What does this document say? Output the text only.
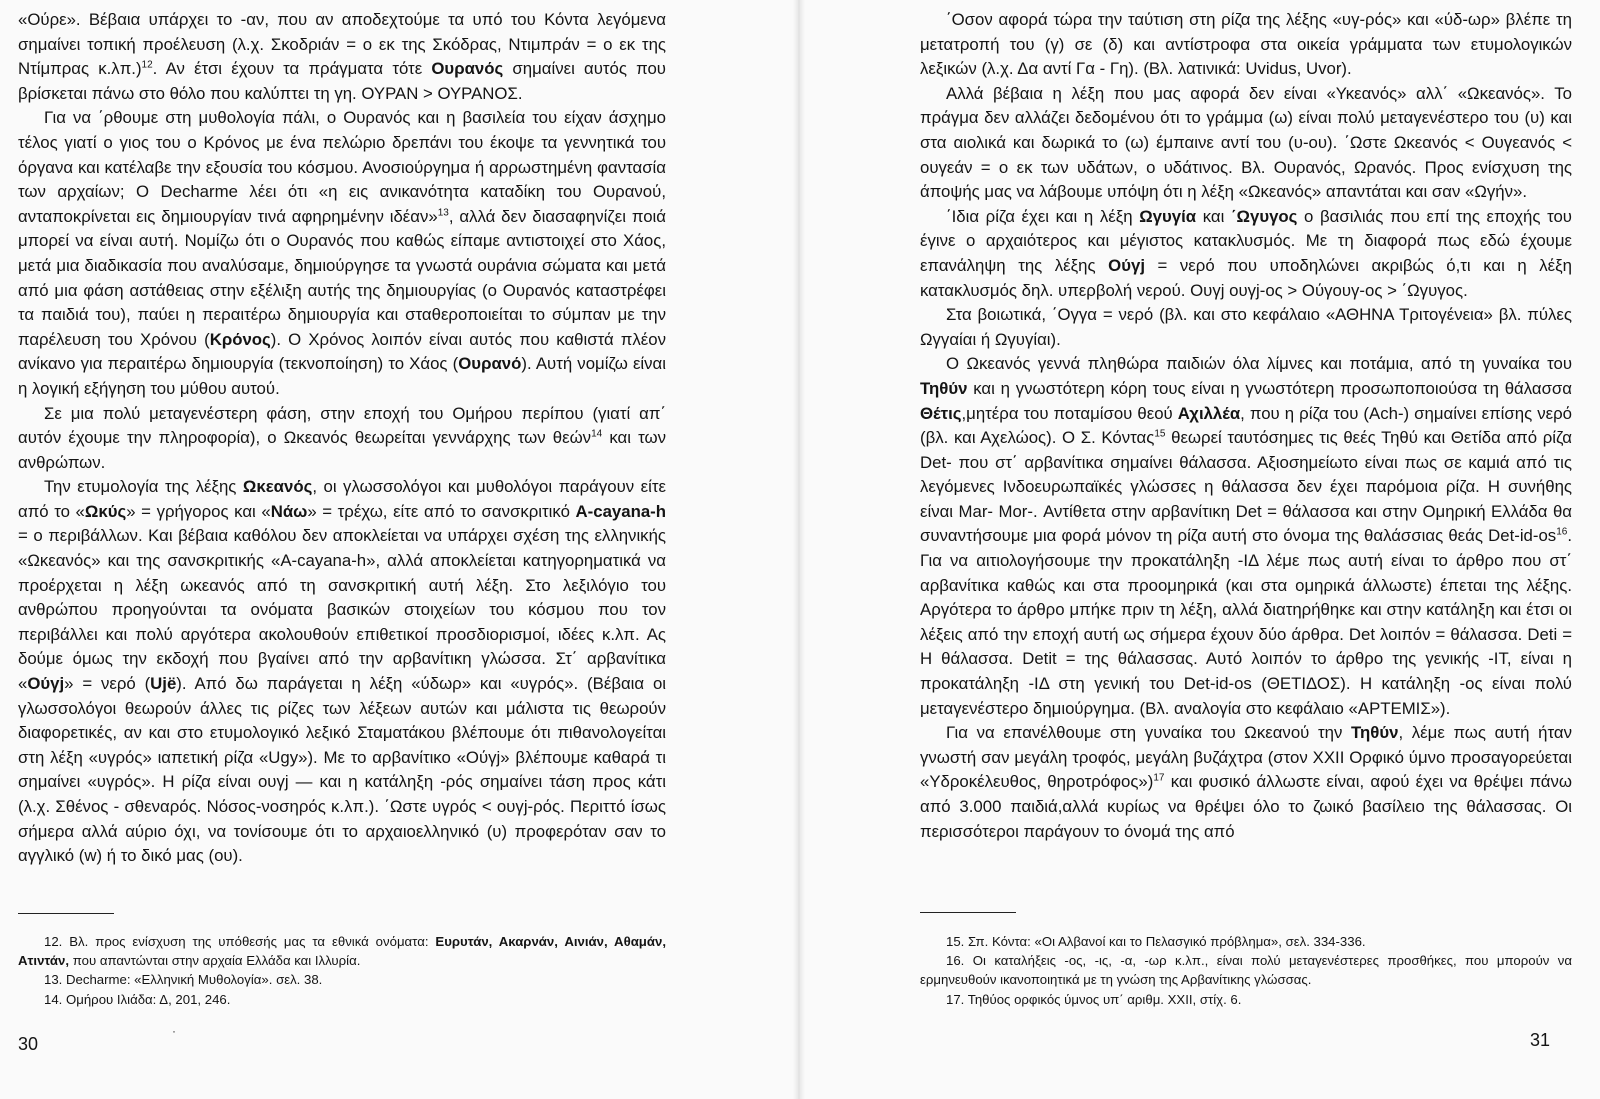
«Ούρε». Βέβαια υπάρχει το -αν, που αν αποδεχτούμε τα υπό του Κόντα λεγόμενα σημαίνει τοπική προέλευση (λ.χ. Σκοδριάν = ο εκ της Σκόδρας, Ντιμπράν = ο εκ της Ντίμπρας κ.λπ.)$^{12}$. Αν έτσι έχουν τα πράγματα τότε Ουρανός σημαίνει αυτός που βρίσκεται πάνω στο θόλο που καλύπτει τη γη. ΟΥΡΑΝ > ΟΥΡΑΝΟΣ.

Για να ΄ρθουμε στη μυθολογία πάλι, ο Ουρανός και η βασιλεία του είχαν άσχημο τέλος γιατί ο γιος του ο Κρόνος με ένα πελώριο δρεπάνι του έκοψε τα γεννητικά του όργανα και κατέλαβε την εξουσία του κόσμου. Ανοσιούργημα ή αρρωστημένη φαντασία των αρχαίων; Ο Decharme λέει ότι «η εις ανικανότητα καταδίκη του Ουρανού, ανταποκρίνεται εις δημιουργίαν τινά αφηρημένην ιδέαν»$^{13}$, αλλά δεν διασαφηνίζει ποιά μπορεί να είναι αυτή. Νομίζω ότι ο Ουρανός που καθώς είπαμε αντιστοιχεί στο Χάος, μετά μια διαδικασία που αναλύσαμε, δημιούργησε τα γνωστά ουράνια σώματα και μετά από μια φάση αστάθειας στην εξέλιξη αυτής της δημιουργίας (ο Ουρανός καταστρέφει τα παιδιά του), παύει η περαιτέρω δημιουργία και σταθεροποιείται το σύμπαν με την παρέλευση του Χρόνου (Κρόνος). Ο Χρόνος λοιπόν είναι αυτός που καθιστά πλέον ανίκανο για περαιτέρω δημιουργία (τεκνοποίηση) το Χάος (Ουρανό). Αυτή νομίζω είναι η λογική εξήγηση του μύθου αυτού.

Σε μια πολύ μεταγενέστερη φάση, στην εποχή του Ομήρου περίπου (γιατί απ΄ αυτόν έχουμε την πληροφορία), ο Ωκεανός θεωρείται γεννάρχης των θεών$^{14}$ και των ανθρώπων.

Την ετυμολογία της λέξης Ωκεανός, οι γλωσσολόγοι και μυθολόγοι παράγουν είτε από το «Ωκύς» = γρήγορος και «Νάω» = τρέχω, είτε από το σανσκριτικό A-cayana-h = ο περιβάλλων. Και βέβαια καθόλου δεν αποκλείεται να υπάρχει σχέση της ελληνικής «Ωκεανός» και της σανσκριτικής «A-cayana-h», αλλά αποκλείεται κατηγορηματικά να προέρχεται η λέξη ωκεανός από τη σανσκριτική αυτή λέξη. Στο λεξιλόγιο του ανθρώπου προηγούνται τα ονόματα βασικών στοιχείων του κόσμου που τον περιβάλλει και πολύ αργότερα ακολουθούν επιθετικοί προσδιορισμοί, ιδέες κ.λπ. Ας δούμε όμως την εκδοχή που βγαίνει από την αρβανίτικη γλώσσα. Στ΄ αρβανίτικα «Ούγj» = νερό (Ujë). Από δω παράγεται η λέξη «ύδωρ» και «υγρός». (Βέβαια οι γλωσσολόγοι θεωρούν άλλες τις ρίζες των λέξεων αυτών και μάλιστα τις θεωρούν διαφορετικές, αν και στο ετυμολογικό λεξικό Σταματάκου βλέπουμε ότι πιθανολογείται στη λέξη «υγρός» ιαπετική ρίζα «Ugy»). Με το αρβανίτικο «Ούγj» βλέπουμε καθαρά τι σημαίνει «υγρός». Η ρίζα είναι ουγj — και η κατάληξη -ρός σημαίνει τάση προς κάτι (λ.χ. Σθένος - σθεναρός. Νόσος-νοσηρός κ.λπ.). ΄Ωστε υγρός < ουγj-ρός. Περιττό ίσως σήμερα αλλά αύριο όχι, να τονίσουμε ότι το αρχαιοελληνικό (υ) προφερόταν σαν το αγγλικό (w) ή το δικό μας (ου).

12. Βλ. προς ενίσχυση της υπόθεσής μας τα εθνικά ονόματα: Ευρυτάν, Ακαρνάν, Αινιάν, Αθαμάν, Ατιντάν, που απαντώνται στην αρχαία Ελλάδα και Ιλλυρία.

13. Decharme: «Ελληνική Μυθολογία». σελ. 38.

14. Ομήρου Ιλιάδα: Δ, 201, 246.

·
30

΄Οσον αφορά τώρα την ταύτιση στη ρίζα της λέξης «υγ-ρός» και «ύδ-ωρ» βλέπε τη μετατροπή του (γ) σε (δ) και αντίστροφα στα οικεία γράμματα των ετυμολογικών λεξικών (λ.χ. Δα αντί Γα - Γη). (Βλ. λατινικά: Uvidus, Uvor).

Αλλά βέβαια η λέξη που μας αφορά δεν είναι «Υκεανός» αλλ΄ «Ωκεανός». Το πράγμα δεν αλλάζει δεδομένου ότι το γράμμα (ω) είναι πολύ μεταγενέστερο του (υ) και στα αιολικά και δωρικά το (ω) έμπαινε αντί του (υ-ου). ΄Ωστε Ωκεανός < Ουγεανός < ουγεάν = ο εκ των υδάτων, ο υδάτινος. Βλ. Ουρανός, Ωρανός. Προς ενίσχυση της άποψής μας να λάβουμε υπόψη ότι η λέξη «Ωκεανός» απαντάται και σαν «Ωγήν».

΄Ιδια ρίζα έχει και η λέξη Ωγυγία και ΄Ωγυγος ο βασιλιάς που επί της εποχής του έγινε ο αρχαιότερος και μέγιστος κατακλυσμός. Με τη διαφορά πως εδώ έχουμε επανάληψη της λέξης Ούγj = νερό που υποδηλώνει ακριβώς ό,τι και η λέξη κατακλυσμός δηλ. υπερβολή νερού. Ουγj ουγj-ος > Ούγουγ-ος > ΄Ωγυγος.

Στα βοιωτικά, ΄Ογγα = νερό (βλ. και στο κεφάλαιο «ΑΘΗΝΑ Τριτογένεια» βλ. πύλες Ωγγαίαι ή Ωγυγίαι).

Ο Ωκεανός γεννά πληθώρα παιδιών όλα λίμνες και ποτάμια, από τη γυναίκα του Τηθύν και η γνωστότερη κόρη τους είναι η γνωστότερη προσωποποιούσα τη θάλασσα Θέτις,μητέρα του ποταμίσου θεού Αχιλλέα, που η ρίζα του (Ach-) σημαίνει επίσης νερό (βλ. και Αχελώος). Ο Σ. Κόντας$^{15}$ θεωρεί ταυτόσημες τις θεές Τηθύ και Θετίδα από ρίζα Det- που στ΄ αρβανίτικα σημαίνει θάλασσα. Αξιοσημείωτο είναι πως σε καμιά από τις λεγόμενες Ινδοευρωπαϊκές γλώσσες η θάλασσα δεν έχει παρόμοια ρίζα. Η συνήθης είναι Mar- Mor-. Αντίθετα στην αρβανίτικη Det = θάλασσα και στην Ομηρική Ελλάδα θα συναντήσουμε μια φορά μόνον τη ρίζα αυτή στο όνομα της θαλάσσιας θεάς Det-$id-os^{16}$. Για να αιτιολογήσουμε την προκατάληξη -ΙΔ λέμε πως αυτή είναι το άρθρο που στ΄ αρβανίτικα καθώς και στα προομηρικά (και στα ομηρικά άλλωστε) έπεται της λέξης. Αργότερα το άρθρο μπήκε πριν τη λέξη, αλλά διατηρήθηκε και στην κατάληξη και έτσι οι λέξεις από την εποχή αυτή ως σήμερα έχουν δύο άρθρα. Det λοιπόν = θάλασσα. Deti = Η θάλασσα. Detit = της θάλασσας. Αυτό λοιπόν το άρθρο της γενικής -IT, είναι η προκατάληξη -ΙΔ στη γενική του Det-id-os (ΘΕΤΙΔΟΣ). Η κατάληξη -ος είναι πολύ μεταγενέστερο δημιούργημα. (Βλ. αναλογία στο κεφάλαιο «ΑΡΤΕΜΙΣ»).

Για να επανέλθουμε στη γυναίκα του Ωκεανού την Τηθύν, λέμε πως αυτή ήταν γνωστή σαν μεγάλη τροφός, μεγάλη βυζάχτρα (στον XXII Ορφικό ύμνο προσαγορεύεται «Υδροκέλευθος, θηροτρόφος»)$^{17}$ και φυσικό άλλωστε είναι, αφού έχει να θρέψει πάνω από 3.000 παιδιά,αλλά κυρίως να θρέψει όλο το ζωικό βασίλειο της θάλασσας. Οι περισσότεροι παράγουν το όνομά της από

15. Σπ. Κόντα: «Οι Αλβανοί και το Πελασγικό πρόβλημα», σελ. 334-336.

16. Οι καταλήξεις -ος, -ις, -α, -ωρ κ.λπ., είναι πολύ μεταγενέστερες προσθήκες, που μπορούν να ερμηνευθούν ικανοποιητικά με τη γνώση της Αρβανίτικης γλώσσας.

17. Τηθύος ορφικός ύμνος υπ΄ αριθμ. XXII, στίχ. 6.

31
